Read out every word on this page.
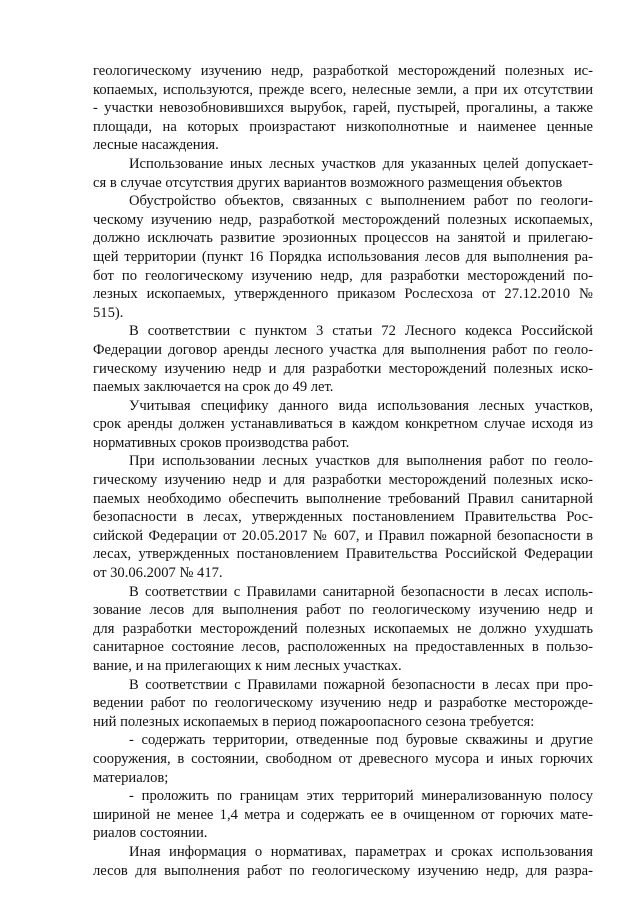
геологическому изучению недр, разработкой месторождений полезных ис-
копаемых, используются, прежде всего, нелесные земли, а при их отсутствии
- участки невозобновившихся вырубок, гарей, пустырей, прогалины, а также
площади, на которых произрастают низкополнотные и наименее ценные
лесные насаждения.
Использование иных лесных участков для указанных целей допускает-
ся в случае отсутствия других вариантов возможного размещения объектов
Обустройство объектов, связанных с выполнением работ по геологи-
ческому изучению недр, разработкой месторождений полезных ископаемых,
должно исключать развитие эрозионных процессов на занятой и прилегаю-
щей территории (пункт 16 Порядка использования лесов для выполнения ра-
бот по геологическому изучению недр, для разработки месторождений по-
лезных ископаемых, утвержденного приказом Рослесхоза от 27.12.2010 №
515).
В соответствии с пунктом 3 статьи 72 Лесного кодекса Российской
Федерации договор аренды лесного участка для выполнения работ по геоло-
гическому изучению недр и для разработки месторождений полезных иско-
паемых заключается на срок до 49 лет.
Учитывая специфику данного вида использования лесных участков,
срок аренды должен устанавливаться в каждом конкретном случае исходя из
нормативных сроков производства работ.
При использовании лесных участков для выполнения работ по геоло-
гическому изучению недр и для разработки месторождений полезных иско-
паемых необходимо обеспечить выполнение требований Правил санитарной
безопасности в лесах, утвержденных постановлением Правительства Рос-
сийской Федерации от 20.05.2017 № 607, и Правил пожарной безопасности в
лесах, утвержденных постановлением Правительства Российской Федерации
от 30.06.2007 № 417.
В соответствии с Правилами санитарной безопасности в лесах исполь-
зование лесов для выполнения работ по геологическому изучению недр и
для разработки месторождений полезных ископаемых не должно ухудшать
санитарное состояние лесов, расположенных на предоставленных в пользо-
вание, и на прилегающих к ним лесных участках.
В соответствии с Правилами пожарной безопасности в лесах при про-
ведении работ по геологическому изучению недр и разработке месторожде-
ний полезных ископаемых в период пожароопасного сезона требуется:
- содержать территории, отведенные под буровые скважины и другие
сооружения, в состоянии, свободном от древесного мусора и иных горючих
материалов;
- проложить по границам этих территорий минерализованную полосу
шириной не менее 1,4 метра и содержать ее в очищенном от горючих мате-
риалов состоянии.
Иная информация о нормативах, параметрах и сроках использования
лесов для выполнения работ по геологическому изучению недр, для разра-
